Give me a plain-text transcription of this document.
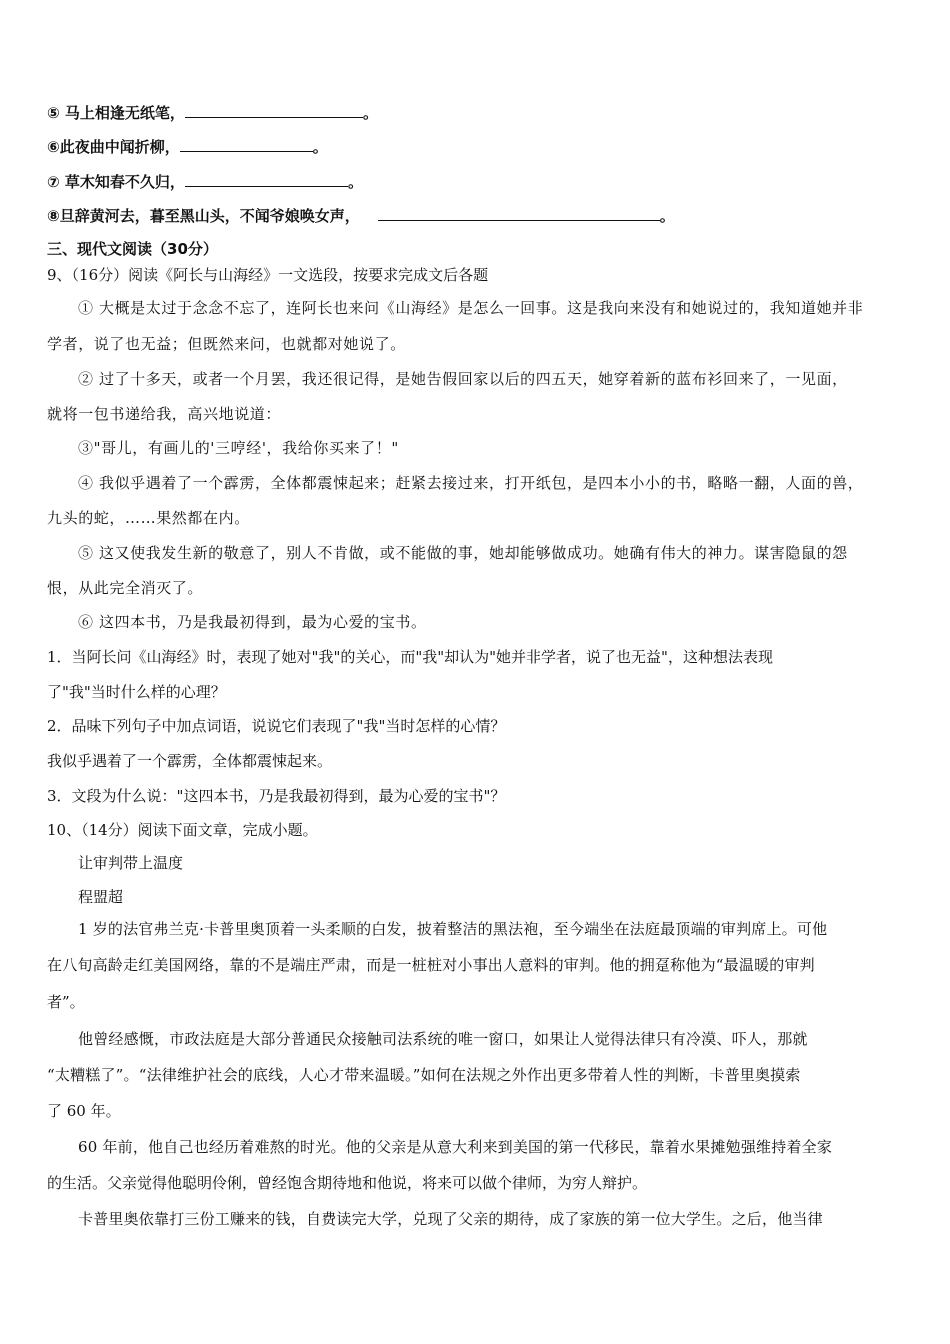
⑤ 马上相逢无纸笔，	。
⑥此夜曲中闻折柳，	。
⑦ 草木知春不久归，	。
⑧旦辞黄河去，暮至黑山头，不闻爷娘唤女声，	。
三、现代文阅读（30分）
9、（16分）阅读《阿长与山海经》一文选段，按要求完成文后各题
① 大概是太过于念念不忘了，连阿长也来问《山海经》是怎么一回事。这是我向来没有和她说过的，我知道她并非
学者，说了也无益；但既然来问，也就都对她说了。
② 过了十多天，或者一个月罢，我还很记得，是她告假回家以后的四五天，她穿着新的蓝布衫回来了，一见面，
就将一包书递给我，高兴地说道：
③"哥儿，有画儿的'三哼经'，我给你买来了！"
④ 我似乎遇着了一个霹雳，全体都震悚起来；赶紧去接过来，打开纸包，是四本小小的书，略略一翻，人面的兽，
九头的蛇，……果然都在内。
⑤ 这又使我发生新的敬意了，别人不肯做，或不能做的事，她却能够做成功。她确有伟大的神力。谋害隐鼠的怨
恨，从此完全消灭了。
⑥ 这四本书，乃是我最初得到，最为心爱的宝书。
1．当阿长问《山海经》时，表现了她对"我"的关心，而"我"却认为"她并非学者，说了也无益"，这种想法表现
了"我"当时什么样的心理？
2．品味下列句子中加点词语，说说它们表现了"我"当时怎样的心情？
我似乎遇着了一个霹雳，全体都震悚起来。
3．文段为什么说："这四本书，乃是我最初得到，最为心爱的宝书"？
10、（14分）阅读下面文章，完成小题。
让审判带上温度
程盟超
1 岁的法官弗兰克·卡普里奥顶着一头柔顺的白发，披着整洁的黑法袍，至今端坐在法庭最顶端的审判席上。可他
在八旬高龄走红美国网络，靠的不是端庄严肃，而是一桩桩对小事出人意料的审判。他的拥趸称他为“最温暖的审判
者”。
他曾经感慨，市政法庭是大部分普通民众接触司法系统的唯一窗口，如果让人觉得法律只有冷漠、吓人，那就
“太糟糕了”。“法律维护社会的底线，人心才带来温暖。”如何在法规之外作出更多带着人性的判断，卡普里奥摸索
了 60 年。
60 年前，他自己也经历着难熬的时光。他的父亲是从意大利来到美国的第一代移民，靠着水果摊勉强维持着全家
的生活。父亲觉得他聪明伶俐，曾经饱含期待地和他说，将来可以做个律师，为穷人辩护。
卡普里奥依靠打三份工赚来的钱，自费读完大学，兑现了父亲的期待，成了家族的第一位大学生。之后，他当律
